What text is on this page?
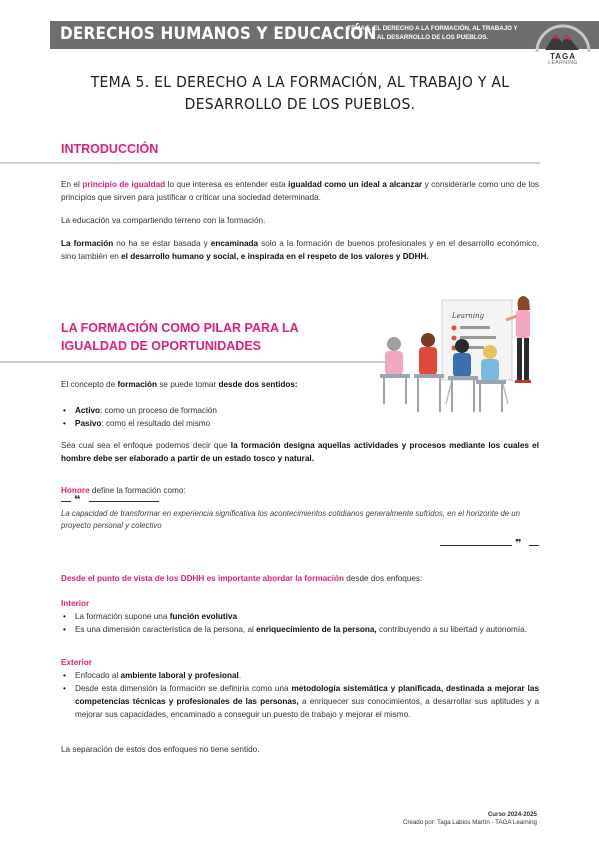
DERECHOS HUMANOS Y EDUCACIÓN
TEMA 5. EL DERECHO A LA FORMACIÓN, AL TRABAJO Y
AL DESARROLLO DE LOS PUEBLOS.
TAGA
LEARNING
TEMA 5. EL DERECHO A LA FORMACIÓN, AL TRABAJO Y AL DESARROLLO DE LOS PUEBLOS.
INTRODUCCIÓN
En el principio de igualdad lo que interesa es entender esta igualdad como un ideal a alcanzar y considerarle como uno de los principios que sirven para justificar o criticar una sociedad determinada.
La educación va compartiendo terreno con la formación.
La formación no ha se estar basada y encaminada solo a la formación de buenos profesionales y en el desarrollo económico, sino también en el desarrollo humano y social, e inspirada en el respeto de los valores y DDHH.
LA FORMACIÓN COMO PILAR PARA LA
IGUALDAD DE OPORTUNIDADES
Learning
El concepto de formación se puede tomar desde dos sentidos:
• Activo: como un proceso de formación
• Pasivo: como el resultado del mismo
Sea cual sea el enfoque podemos decir que la formación designa aquellas actividades y procesos mediante los cuales el hombre debe ser elaborado a partir de un estado tosco y natural.
Honore define la formación como:
❝
La capacidad de transformar en experiencia significativa los acontecimientos cotidianos generalmente sufridos, en el horizonte de un proyecto personal y colectivo
❞
Desde el punto de vista de los DDHH es importante abordar la formación desde dos enfoques:
Interior
• La formación supone una función evolutiva
• Es una dimensión característica de la persona, al enriquecimiento de la persona, contribuyendo a su libertad y autonomía.
Exterior
• Enfocado al ambiente laboral y profesional.
• Desde esta dimensión la formación se definiría como una metodología sistemática y planificada, destinada a mejorar las competencias técnicas y profesionales de las personas, a enriquecer sus conocimientos, a desarrollar sus aptitudes y a mejorar sus capacidades, encaminado a conseguir un puesto de trabajo y mejorar el mismo.
La separación de estos dos enfoques no tiene sentido.
Curso 2024-2025
Creado por: Taga Labios Martín - TAGA Learning
